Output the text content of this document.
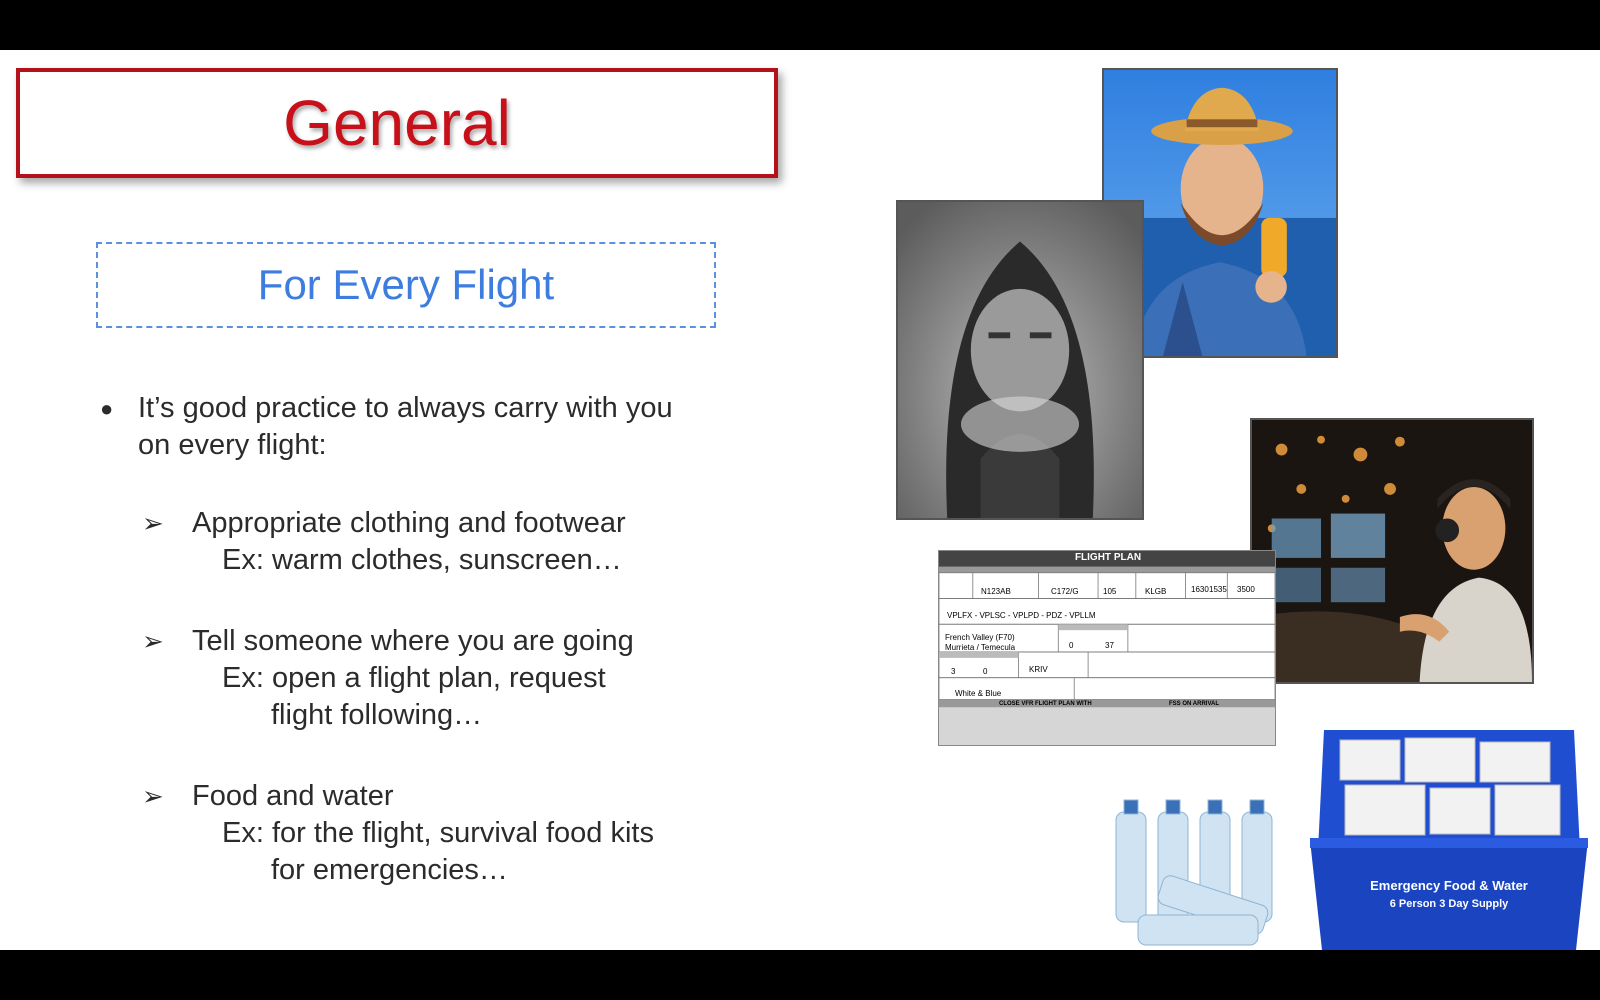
General
For Every Flight
● It’s good practice to always carry with you
on every flight:
➢ Appropriate clothing and footwear
Ex: warm clothes, sunscreen…
➢ Tell someone where you are going
Ex: open a flight plan, request
flight following…
➢ Food and water
Ex: for the flight, survival food kits
for emergencies…
FLIGHT PLAN
N123AB	C172/G	105	KLGB	1630 1535 3500
VPLFX - VPLSC - VPLPD - PDZ - VPLLM
French Valley (F70)
Murrieta / Temecula	0	37
3	0	KRIV
White & Blue
CLOSE VFR FLIGHT PLAN WITH	FSS ON ARRIVAL
Emergency Food & Water
6 Person 3 Day Supply
